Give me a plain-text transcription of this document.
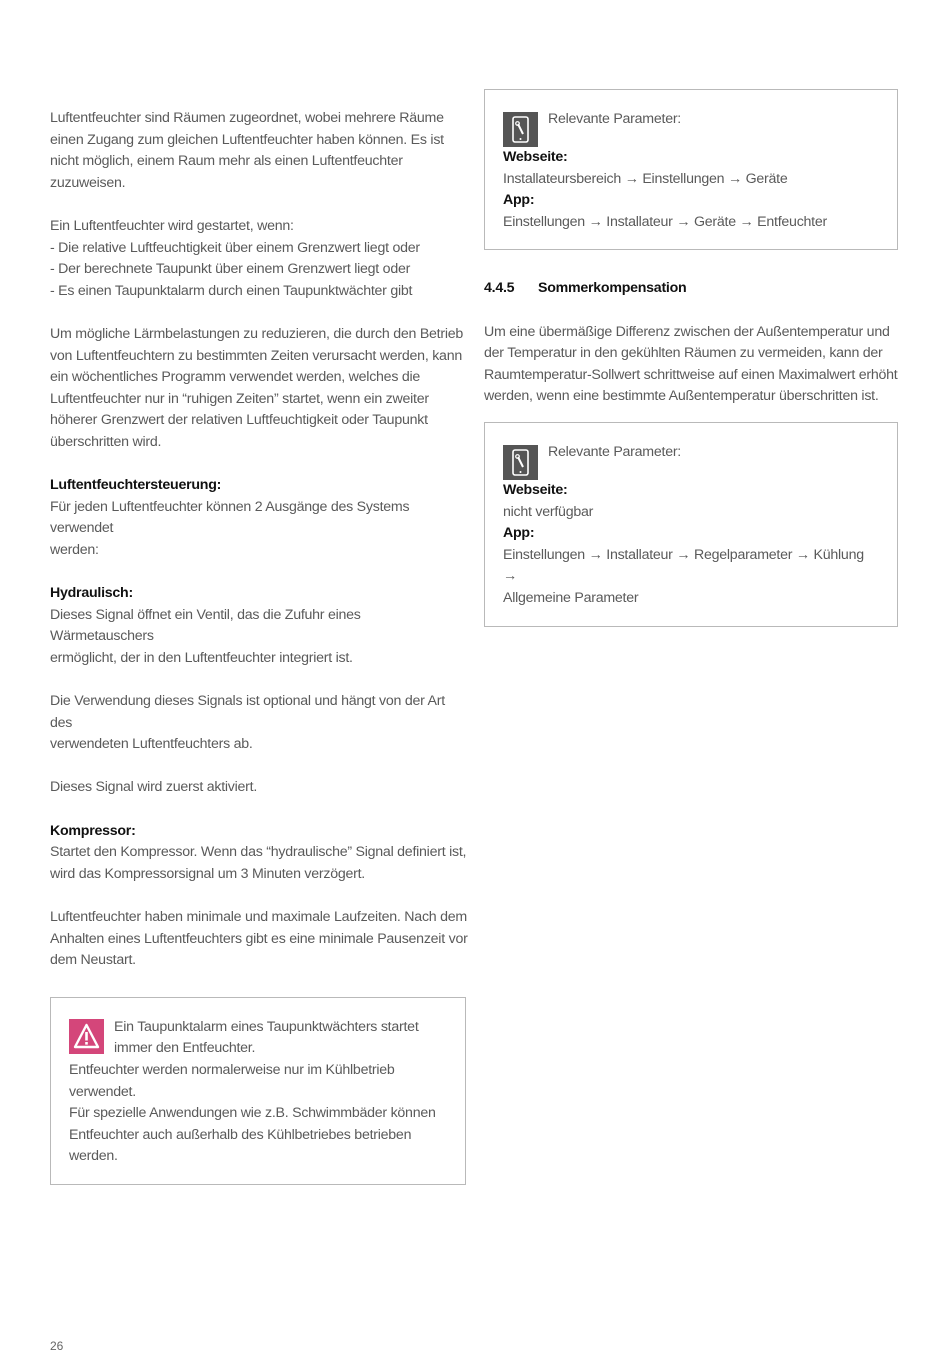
Luftentfeuchter sind Räumen zugeordnet, wobei mehrere Räume

einen Zugang zum gleichen Luftentfeuchter haben können. Es ist

nicht möglich, einem Raum mehr als einen Luftentfeuchter

zuzuweisen.

Ein Luftentfeuchter wird gestartet, wenn:

- Die relative Luftfeuchtigkeit über einem Grenzwert liegt oder

- Der berechnete Taupunkt über einem Grenzwert liegt oder

- Es einen Taupunktalarm durch einen Taupunktwächter gibt

Um mögliche Lärmbelastungen zu reduzieren, die durch den Betrieb

von Luftentfeuchtern zu bestimmten Zeiten verursacht werden, kann

ein wöchentliches Programm verwendet werden, welches die

Luftentfeuchter nur in “ruhigen Zeiten” startet, wenn ein zweiter

höherer Grenzwert der relativen Luftfeuchtigkeit oder Taupunkt

überschritten wird.

Luftentfeuchtersteuerung:

Für jeden Luftentfeuchter können 2 Ausgänge des Systems verwendet

werden:

Hydraulisch:

Dieses Signal öffnet ein Ventil, das die Zufuhr eines Wärmetauschers

ermöglicht, der in den Luftentfeuchter integriert ist.

Die Verwendung dieses Signals ist optional und hängt von der Art des

verwendeten Luftentfeuchters ab.

Dieses Signal wird zuerst aktiviert.

Kompressor:

Startet den Kompressor. Wenn das “hydraulische” Signal definiert ist,

wird das Kompressorsignal um 3 Minuten verzögert.

Luftentfeuchter haben minimale und maximale Laufzeiten. Nach dem

Anhalten eines Luftentfeuchters gibt es eine minimale Pausenzeit vor

dem Neustart.

Ein Taupunktalarm eines Taupunktwächters startet

immer den Entfeuchter.

Entfeuchter werden normalerweise nur im Kühlbetrieb

verwendet.

Für spezielle Anwendungen wie z.B. Schwimmbäder können

Entfeuchter auch außerhalb des Kühlbetriebes betrieben werden.

Relevante Parameter:

Webseite:

Installateursbereich → Einstellungen → Geräte

App:

Einstellungen → Installateur → Geräte → Entfeuchter

4.4.5	Sommerkompensation

Um eine übermäßige Differenz zwischen der Außentemperatur und

der Temperatur in den gekühlten Räumen zu vermeiden, kann der

Raumtemperatur-Sollwert schrittweise auf einen Maximalwert erhöht

werden, wenn eine bestimmte Außentemperatur überschritten ist.

Relevante Parameter:

Webseite:

nicht verfügbar

App:

Einstellungen → Installateur → Regelparameter → Kühlung →

Allgemeine Parameter

26
